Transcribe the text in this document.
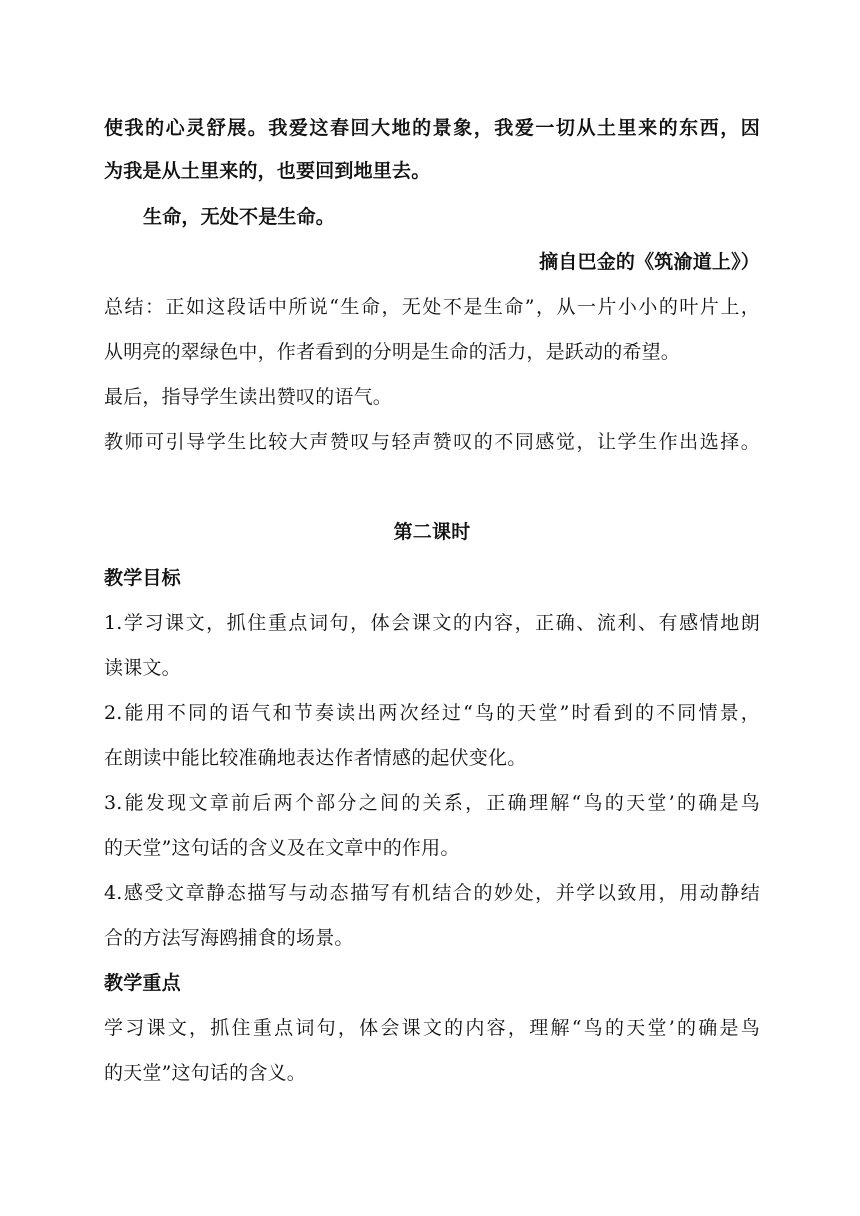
使我的心灵舒展。我爱这春回大地的景象，我爱一切从土里来的东西，因
为我是从土里来的，也要回到地里去。
生命，无处不是生命。
摘自巴金的《筑渝道上》）
总结：正如这段话中所说“生命，无处不是生命”，从一片小小的叶片上，
从明亮的翠绿色中，作者看到的分明是生命的活力，是跃动的希望。
最后，指导学生读出赞叹的语气。
教师可引导学生比较大声赞叹与轻声赞叹的不同感觉，让学生作出选择。
第二课时
教学目标
1.学习课文，抓住重点词句，体会课文的内容，正确、流利、有感情地朗
读课文。
2.能用不同的语气和节奏读出两次经过“鸟的天堂”时看到的不同情景，
在朗读中能比较准确地表达作者情感的起伏变化。
3.能发现文章前后两个部分之间的关系，正确理解“鸟的天堂’的确是鸟
的天堂”这句话的含义及在文章中的作用。
4.感受文章静态描写与动态描写有机结合的妙处，并学以致用，用动静结
合的方法写海鸥捕食的场景。
教学重点
学习课文，抓住重点词句，体会课文的内容，理解“鸟的天堂’的确是鸟
的天堂”这句话的含义。
